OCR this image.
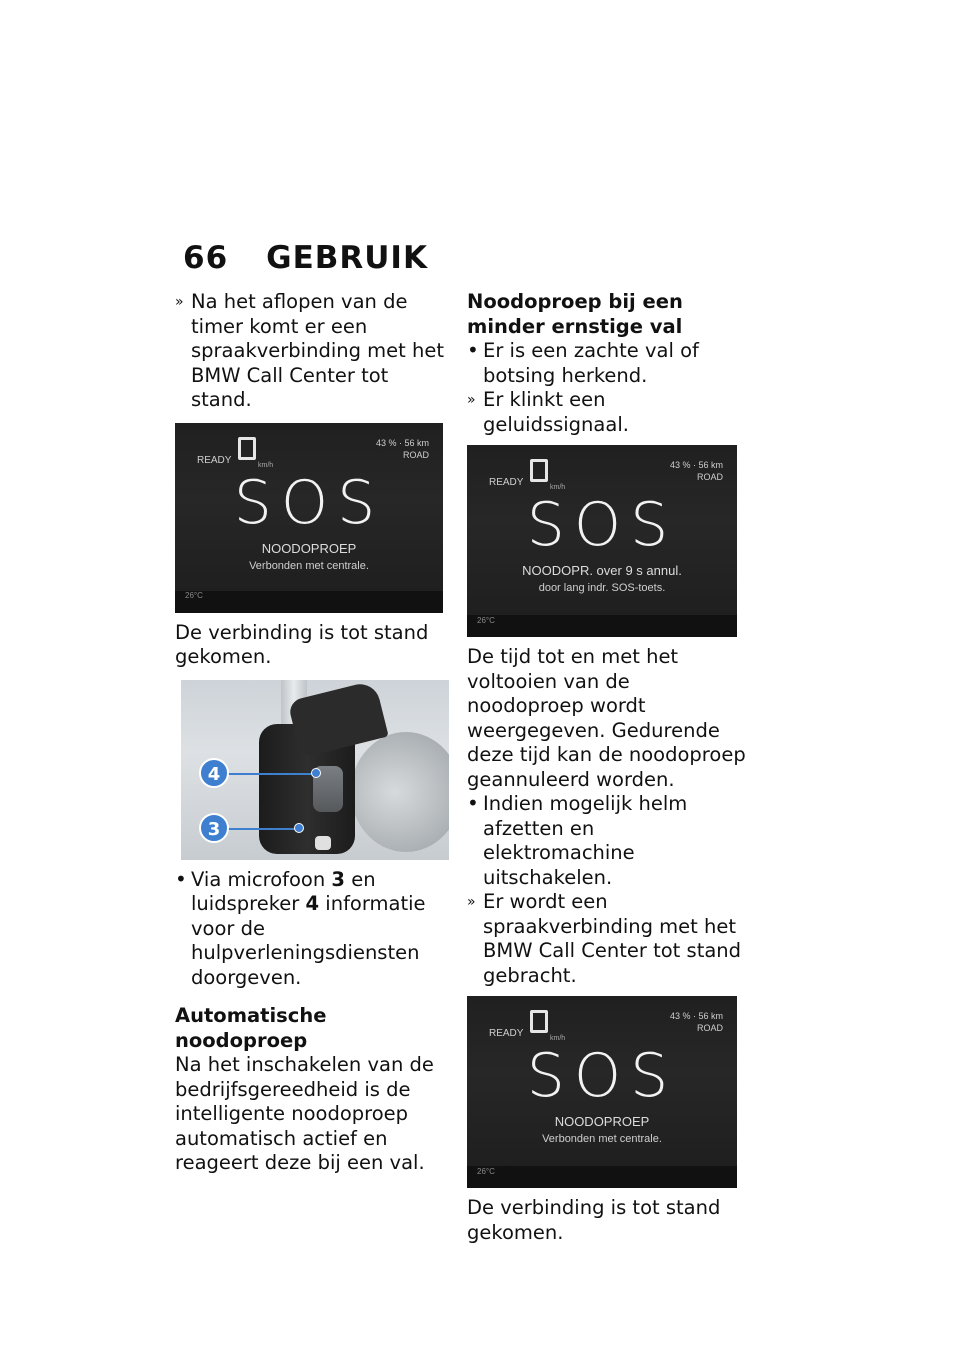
66 GEBRUIK

» Na het aflopen van de timer komt er een spraakverbinding met het BMW Call Center tot stand.

READY	km/h
43 % · 56 km
ROAD
SOS
NOODOPROEP
Verbonden met centrale.
26°C

De verbinding is tot stand gekomen.

4
3

• Via microfoon 3 en luidspreker 4 informatie voor de hulpverleningsdiensten doorgeven.

Automatische noodoproep

Na het inschakelen van de bedrijfsgereedheid is de intelligente noodoproep automatisch actief en reageert deze bij een val.

Noodoproep bij een minder ernstige val

• Er is een zachte val of botsing herkend.

» Er klinkt een geluidssignaal.

READY	km/h
43 % · 56 km
ROAD
SOS
NOODOPR. over 9 s annul.
door lang indr. SOS-toets.
26°C

De tijd tot en met het voltooien van de noodoproep wordt weergegeven. Gedurende deze tijd kan de noodoproep geannuleerd worden.

• Indien mogelijk helm afzetten en elektromachine uitschakelen.

» Er wordt een spraakverbinding met het BMW Call Center tot stand gebracht.

READY	km/h
43 % · 56 km
ROAD
SOS
NOODOPROEP
Verbonden met centrale.
26°C

De verbinding is tot stand gekomen.
